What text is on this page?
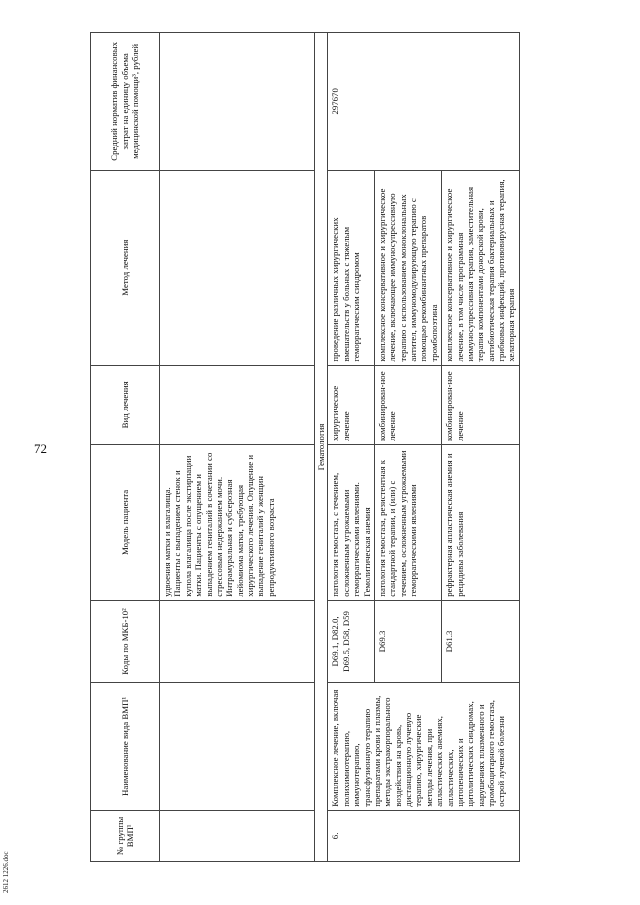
72
№ группы ВМП¹	Наименование вида ВМП¹	Коды по МКБ-10²	Модель пациента	Вид лечения	Метод лечения	Средний норматив финансовых затрат на единицу объема медицинской помощи³, рублей
			удвоения матки и влагалища. Пациенты с выпадением стенок и купола влагалища после экстирпации матки. Пациенты с опущением и выпадением гениталий в сочетании со стрессовым недержанием мочи. Интрамуральная и субсерозная лейомиома матки, требующая хирургического лечения. Опущение и выпадение гениталий у женщин репродуктивного возраста			
Гематология						
6.	Комплексное лечение, включая полихимиотерапию, иммунотерапию, трансфузионную терапию препаратами крови и плазмы, методы экстракорпорального воздействия на кровь, дистанционную лучевую терапию, хирургические методы лечения, при апластических анемиях, апластических, цитопенических и цитолитических синдромах, нарушениях плазменного и тромбоцитарного гемостаза, острой лучевой болезни	D69.1, D82.0, D69.5, D58, D59	патология гемостаза, с течением, осложненным угрожаемыми геморрагическими явлениями. Гемолитическая анемия	хирургическое лечение	проведение различных хирургических вмешательств у больных с тяжелым геморрагическим синдромом	297670
		D69.3	патология гемостаза, резистентная к стандартной терапии, и (или) с течением, осложненным угрожаемыми геморрагическими явлениями	комбинирован-ное лечение	комплексное консервативное и хирургическое лечение, включающее иммуносупрессивную терапию с использованием моноклональных антител, иммуномодулирующую терапию с помощью рекомбинантных препаратов тромбопоэтина	
		D61.3	рефрактерная апластическая анемия и рецидивы заболевания	комбинирован-ное лечение	комплексное консервативное и хирургическое лечение, в том числе программная иммуносупрессивная терапия, заместительная терапия компонентами донорской крови, антибиотическая терапия бактериальных и грибковых инфекций, противовирусная терапия, хелаторная терапия	
2612 1226.doc
